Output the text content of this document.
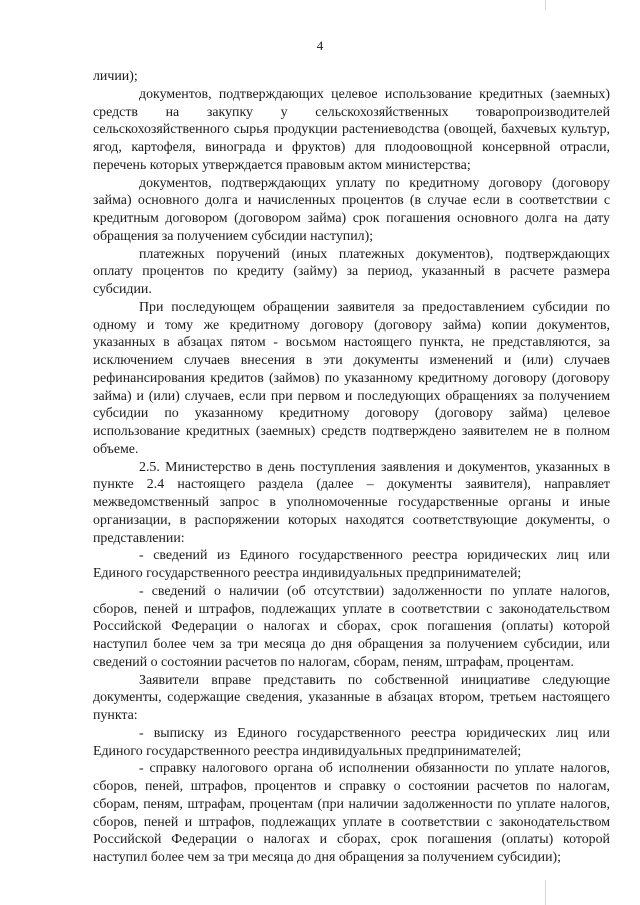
4

личии);

документов, подтверждающих целевое использование кредитных (заемных) средств на закупку у сельскохозяйственных товаропроизводителей сельскохозяйственного сырья продукции растениеводства (овощей, бахчевых культур, ягод, картофеля, винограда и фруктов) для плодоовощной консервной отрасли, перечень которых утверждается правовым актом министерства;

документов, подтверждающих уплату по кредитному договору (договору займа) основного долга и начисленных процентов (в случае если в соответствии с кредитным договором (договором займа) срок погашения основного долга на дату обращения за получением субсидии наступил);

платежных поручений (иных платежных документов), подтверждающих оплату процентов по кредиту (займу) за период, указанный в расчете размера субсидии.

При последующем обращении заявителя за предоставлением субсидии по одному и тому же кредитному договору (договору займа) копии документов, указанных в абзацах пятом - восьмом настоящего пункта, не представляются, за исключением случаев внесения в эти документы изменений и (или) случаев рефинансирования кредитов (займов) по указанному кредитному договору (договору займа) и (или) случаев, если при первом и последующих обращениях за получением субсидии по указанному кредитному договору (договору займа) целевое использование кредитных (заемных) средств подтверждено заявителем не в полном объеме.

2.5. Министерство в день поступления заявления и документов, указанных в пункте 2.4 настоящего раздела (далее – документы заявителя), направляет межведомственный запрос в уполномоченные государственные органы и иные организации, в распоряжении которых находятся соответствующие документы, о представлении:

- сведений из Единого государственного реестра юридических лиц или Единого государственного реестра индивидуальных предпринимателей;

- сведений о наличии (об отсутствии) задолженности по уплате налогов, сборов, пеней и штрафов, подлежащих уплате в соответствии с законодательством Российской Федерации о налогах и сборах, срок погашения (оплаты) которой наступил более чем за три месяца до дня обращения за получением субсидии, или сведений о состоянии расчетов по налогам, сборам, пеням, штрафам, процентам.

Заявители вправе представить по собственной инициативе следующие документы, содержащие сведения, указанные в абзацах втором, третьем настоящего пункта:

- выписку из Единого государственного реестра юридических лиц или Единого государственного реестра индивидуальных предпринимателей;

- справку налогового органа об исполнении обязанности по уплате налогов, сборов, пеней, штрафов, процентов и справку о состоянии расчетов по налогам, сборам, пеням, штрафам, процентам (при наличии задолженности по уплате налогов, сборов, пеней и штрафов, подлежащих уплате в соответствии с законодательством Российской Федерации о налогах и сборах, срок погашения (оплаты) которой наступил более чем за три месяца до дня обращения за получением субсидии);
